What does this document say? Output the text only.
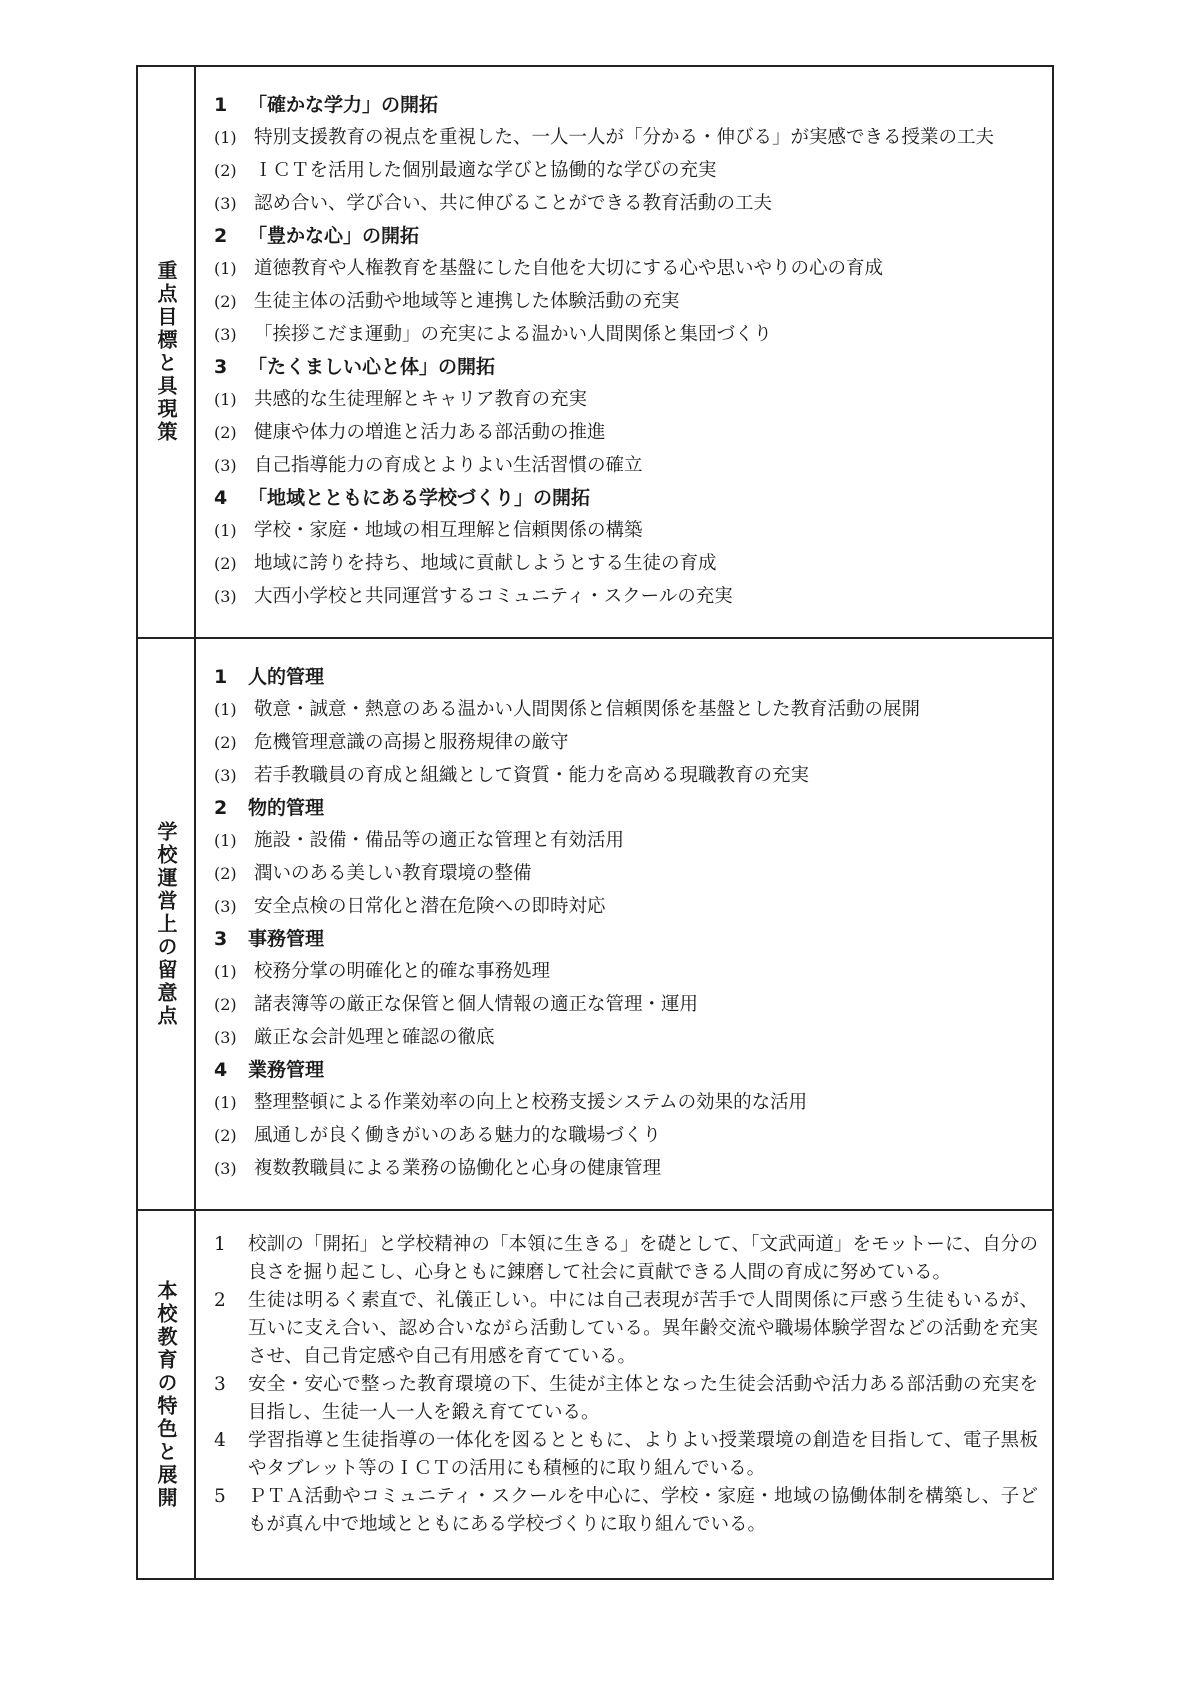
重点目標と具現策
1 「確かな学力」の開拓
(1) 特別支援教育の視点を重視した、一人一人が「分かる・伸びる」が実感できる授業の工夫
(2) ＩＣＴを活用した個別最適な学びと協働的な学びの充実
(3) 認め合い、学び合い、共に伸びることができる教育活動の工夫
2 「豊かな心」の開拓
(1) 道徳教育や人権教育を基盤にした自他を大切にする心や思いやりの心の育成
(2) 生徒主体の活動や地域等と連携した体験活動の充実
(3) 「挨拶こだま運動」の充実による温かい人間関係と集団づくり
3 「たくましい心と体」の開拓
(1) 共感的な生徒理解とキャリア教育の充実
(2) 健康や体力の増進と活力ある部活動の推進
(3) 自己指導能力の育成とよりよい生活習慣の確立
4 「地域とともにある学校づくり」の開拓
(1) 学校・家庭・地域の相互理解と信頼関係の構築
(2) 地域に誇りを持ち、地域に貢献しようとする生徒の育成
(3) 大西小学校と共同運営するコミュニティ・スクールの充実
学校運営上の留意点
1 人的管理
(1) 敬意・誠意・熱意のある温かい人間関係と信頼関係を基盤とした教育活動の展開
(2) 危機管理意識の高揚と服務規律の厳守
(3) 若手教職員の育成と組織として資質・能力を高める現職教育の充実
2 物的管理
(1) 施設・設備・備品等の適正な管理と有効活用
(2) 潤いのある美しい教育環境の整備
(3) 安全点検の日常化と潜在危険への即時対応
3 事務管理
(1) 校務分掌の明確化と的確な事務処理
(2) 諸表簿等の厳正な保管と個人情報の適正な管理・運用
(3) 厳正な会計処理と確認の徹底
4 業務管理
(1) 整理整頓による作業効率の向上と校務支援システムの効果的な活用
(2) 風通しが良く働きがいのある魅力的な職場づくり
(3) 複数教職員による業務の協働化と心身の健康管理
本校教育の特色と展開
1	校訓の「開拓」と学校精神の「本領に生きる」を礎として、「文武両道」をモットーに、自分の良さを掘り起こし、心身ともに錬磨して社会に貢献できる人間の育成に努めている。
2	生徒は明るく素直で、礼儀正しい。中には自己表現が苦手で人間関係に戸惑う生徒もいるが、互いに支え合い、認め合いながら活動している。異年齢交流や職場体験学習などの活動を充実させ、自己肯定感や自己有用感を育てている。
3	安全・安心で整った教育環境の下、生徒が主体となった生徒会活動や活力ある部活動の充実を目指し、生徒一人一人を鍛え育てている。
4	学習指導と生徒指導の一体化を図るとともに、よりよい授業環境の創造を目指して、電子黒板やタブレット等のＩＣＴの活用にも積極的に取り組んでいる。
5	ＰＴＡ活動やコミュニティ・スクールを中心に、学校・家庭・地域の協働体制を構築し、子どもが真ん中で地域とともにある学校づくりに取り組んでいる。
